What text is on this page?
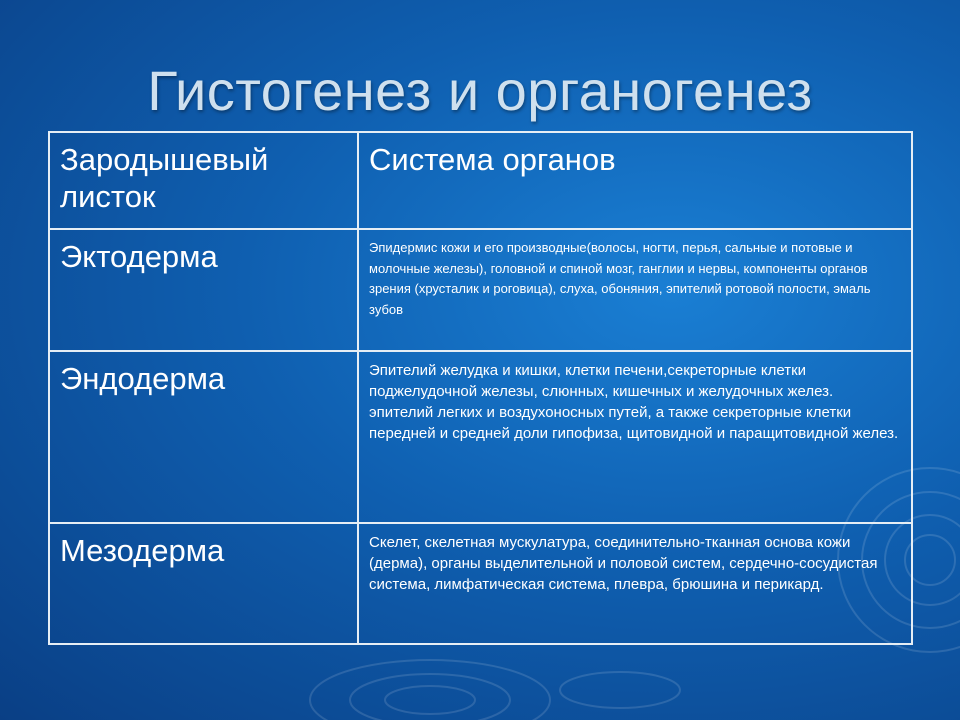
Гистогенез и органогенез
Зародышевый листок	Система органов
Эктодерма	Эпидермис кожи и его производные(волосы, ногти, перья, сальные и потовые и молочные железы), головной и спиной мозг, ганглии и нервы, компоненты органов зрения (хрусталик и роговица), слуха, обоняния, эпителий ротовой полости, эмаль зубов
Эндодерма	Эпителий желудка и кишки, клетки печени,секреторные клетки поджелудочной железы, слюнных, кишечных и желудочных желез. эпителий легких и воздухоносных путей, а также секреторные клетки передней и средней доли гипофиза, щитовидной и паращитовидной желез.
Мезодерма	Скелет, скелетная мускулатура, соединительно-тканная основа кожи (дерма), органы выделительной и половой систем, сердечно-сосудистая система, лимфатическая система, плевра, брюшина и перикард.
